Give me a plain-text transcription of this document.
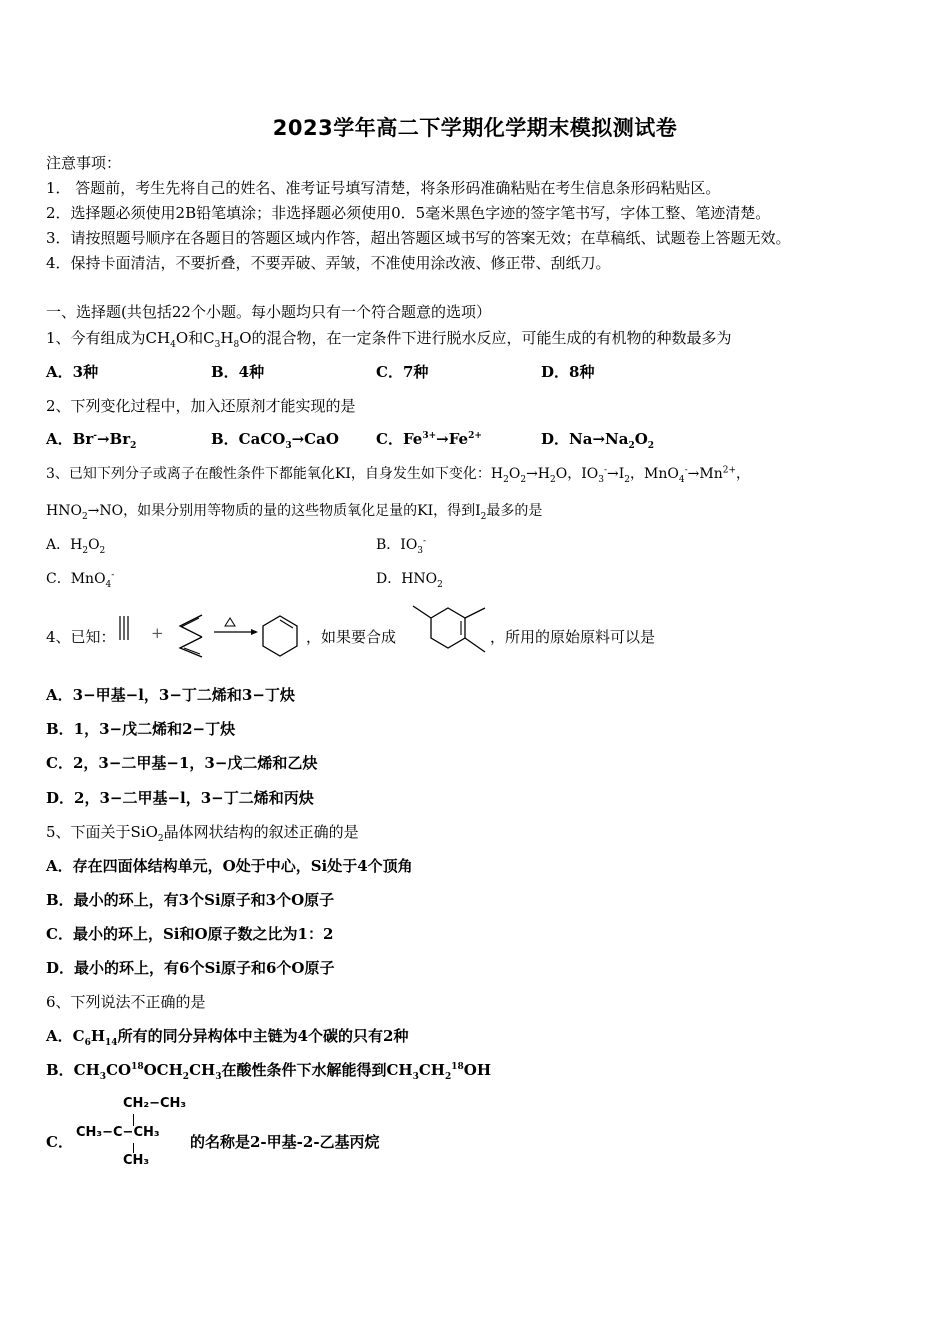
2023学年高二下学期化学期末模拟测试卷
注意事项：
1． 答题前，考生先将自己的姓名、准考证号填写清楚，将条形码准确粘贴在考生信息条形码粘贴区。
2．选择题必须使用2B铅笔填涂；非选择题必须使用0．5毫米黑色字迹的签字笔书写，字体工整、笔迹清楚。
3．请按照题号顺序在各题目的答题区域内作答，超出答题区域书写的答案无效；在草稿纸、试题卷上答题无效。
4．保持卡面清洁，不要折叠，不要弄破、弄皱，不准使用涂改液、修正带、刮纸刀。
一、选择题(共包括22个小题。每小题均只有一个符合题意的选项）
1、今有组成为$CH_4O$和$C_3H_8O$的混合物，在一定条件下进行脱水反应，可能生成的有机物的种数最多为
A．3种	B．4种	C．7种	D．8种
2、下列变化过程中，加入还原剂才能实现的是
A．$Br^-\to Br_2$	B．CaCO$_3$→CaO C．$Fe^{3+}\to Fe^{2+}$	D．$Na\to Na_2O_2$
3、已知下列分子或离子在酸性条件下都能氧化KI，自身发生如下变化：$H_2O_2\to H_2O$，$IO_3^-\to I_2$，$MnO_4^-\to Mn^{2+}$，
$HNO_2\to NO$，如果分别用等物质的量的这些物质氧化足量的KI，得到$I_2$最多的是
A．$H_2O_2$	B．$IO_3^-$
C．MnO$_4$-	D．$HNO_2$
4、已知： +	，如果要合成	，所用的原始原料可以是
A．3−甲基−l，3−丁二烯和3−丁炔
B．1，3−戊二烯和2−丁炔
C．2，3−二甲基−1，3−戊二烯和乙炔
D．2，3−二甲基−l，3−丁二烯和丙炔
5、下面关于SiO$_2$晶体网状结构的叙述正确的是
A．存在四面体结构单元，O处于中心，Si处于4个顶角
B．最小的环上，有3个Si原子和3个O原子
C．最小的环上，Si和O原子数之比为1：2
D．最小的环上，有6个Si原子和6个O原子
6、下列说法不正确的是
A．$C_6H_{14}$所有的同分异构体中主链为4个碳的只有2种
B．$CH_3CO^{18}OCH_2CH_3$在酸性条件下水解能得到$CH_3CH_2^{18}OH$
C．
CH₂−CH₃
CH₃−C−CH₃
CH₃
的名称是2-甲基-2-乙基丙烷
